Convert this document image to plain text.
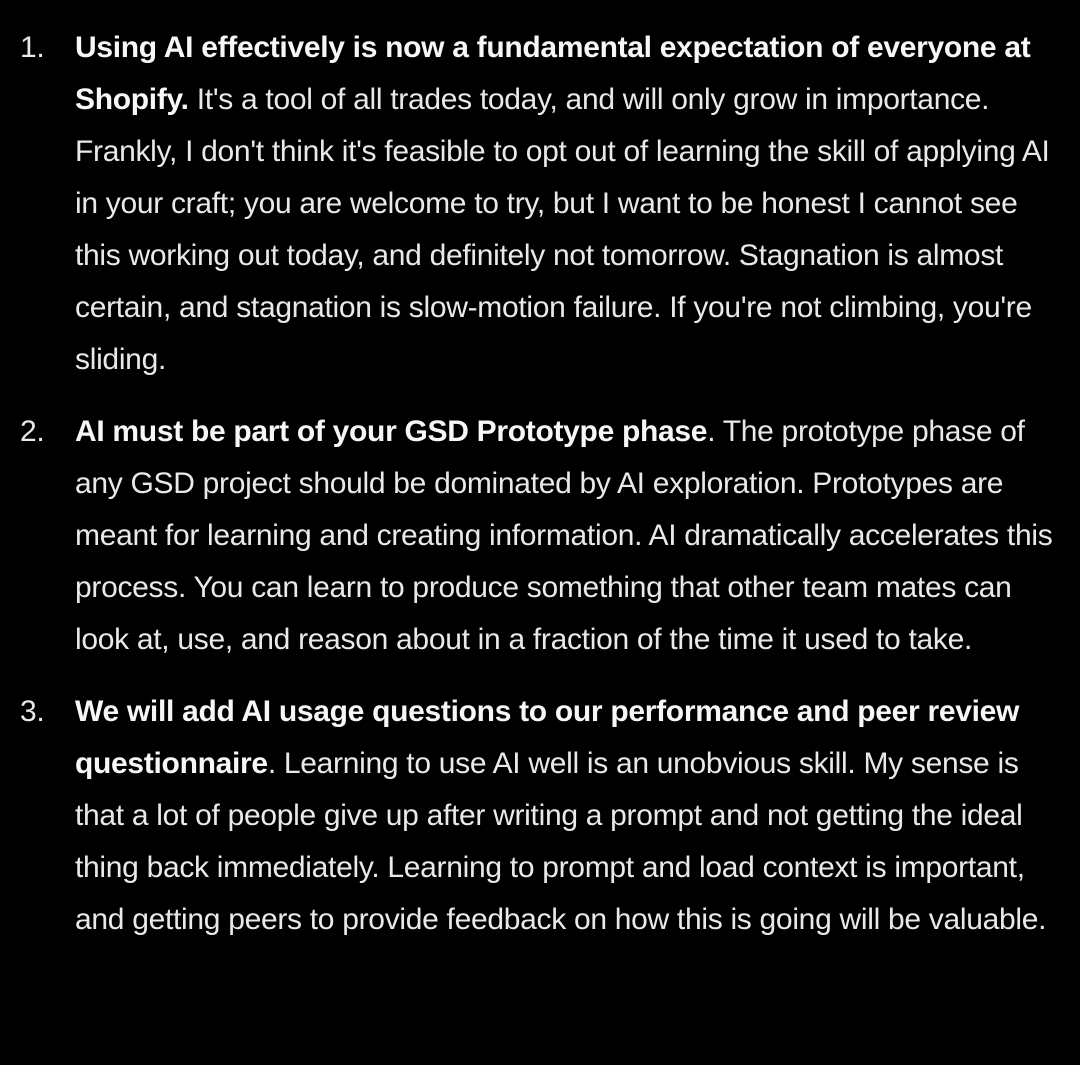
1.	Using AI effectively is now a fundamental expectation of everyone at Shopify. It's a tool of all trades today, and will only grow in importance. Frankly, I don't think it's feasible to opt out of learning the skill of applying AI in your craft; you are welcome to try, but I want to be honest I cannot see this working out today, and definitely not tomorrow. Stagnation is almost certain, and stagnation is slow-motion failure. If you're not climbing, you're sliding.
2.	AI must be part of your GSD Prototype phase. The prototype phase of any GSD project should be dominated by AI exploration. Prototypes are meant for learning and creating information. AI dramatically accelerates this process. You can learn to produce something that other team mates can look at, use, and reason about in a fraction of the time it used to take.
3.	We will add AI usage questions to our performance and peer review questionnaire. Learning to use AI well is an unobvious skill. My sense is that a lot of people give up after writing a prompt and not getting the ideal thing back immediately. Learning to prompt and load context is important, and getting peers to provide feedback on how this is going will be valuable.
